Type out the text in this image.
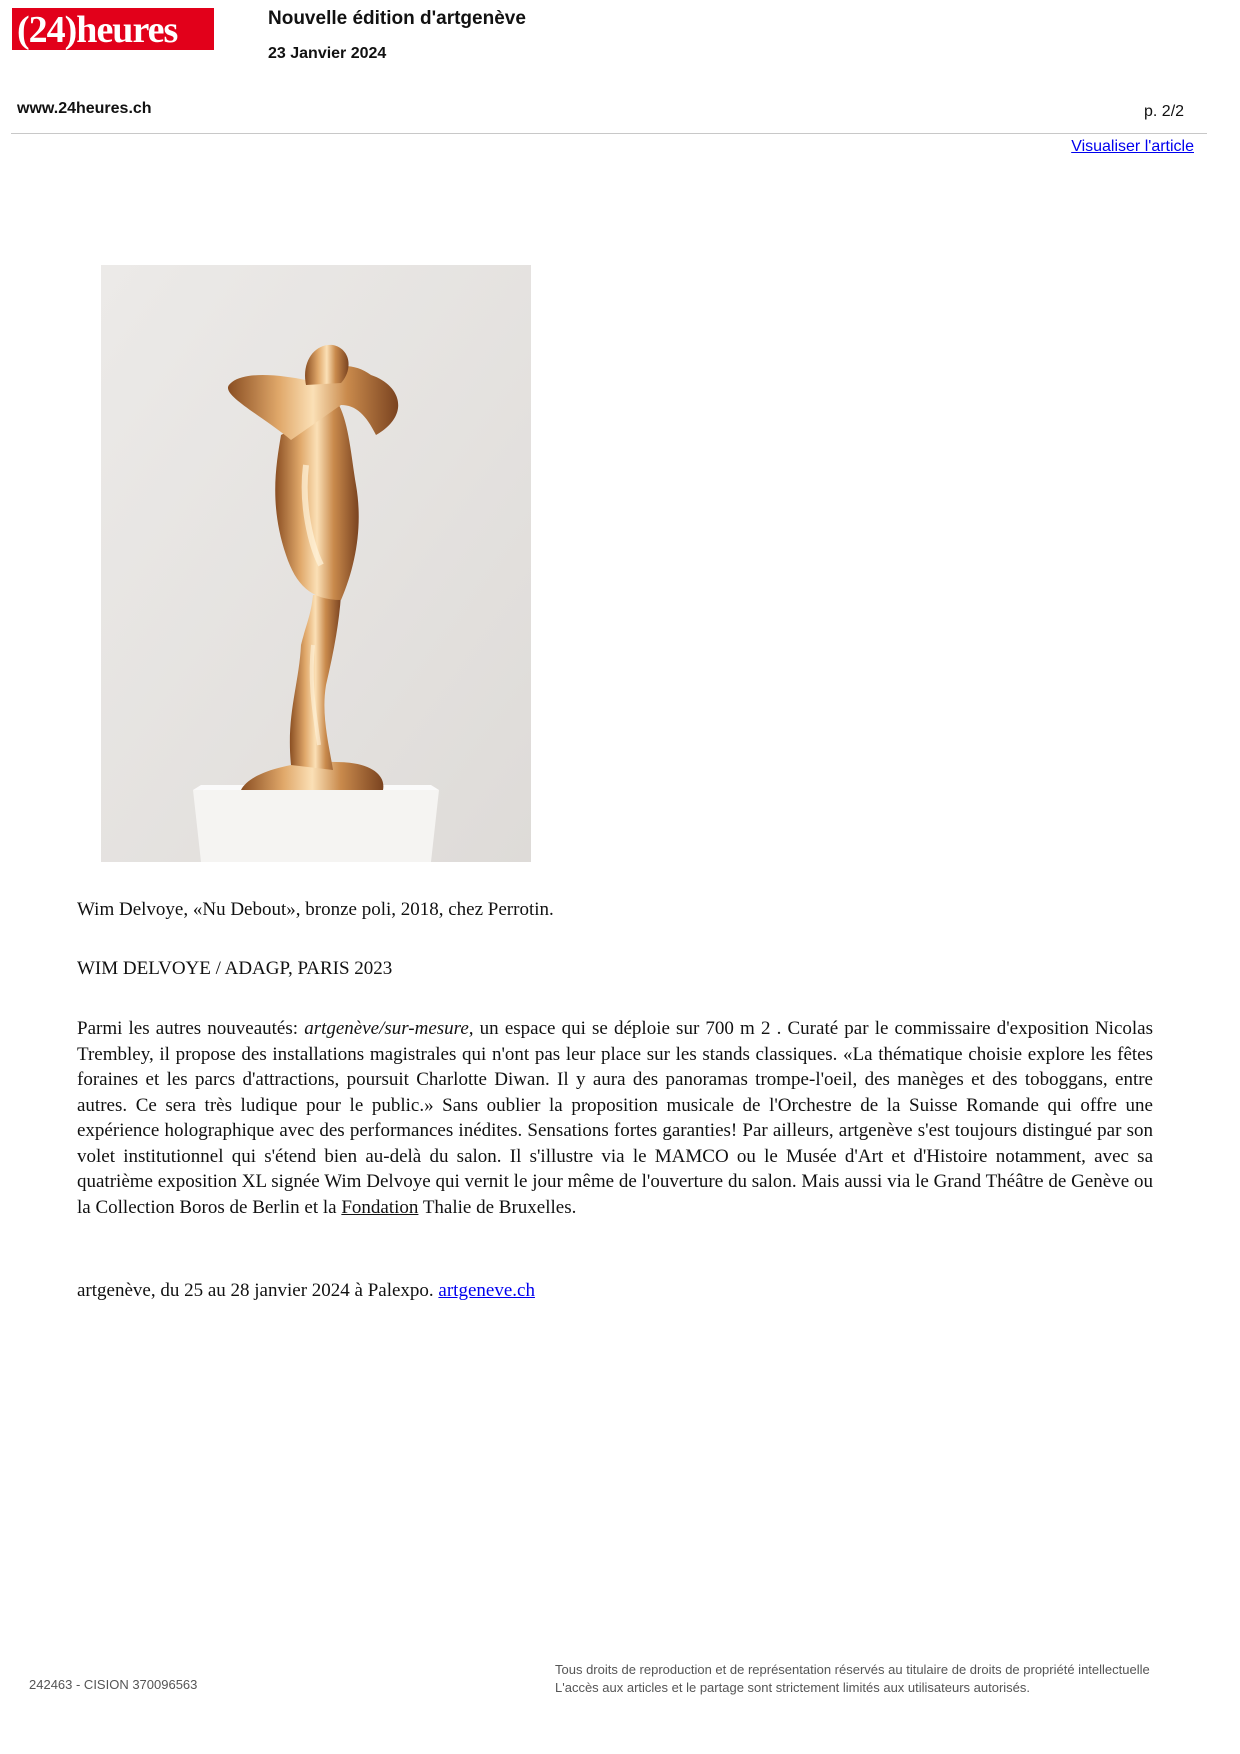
(24)heures	Nouvelle édition d'artgenève
23 Janvier 2024
www.24heures.ch	p. 2/2
Visualiser l'article
Wim Delvoye, «Nu Debout», bronze poli, 2018, chez Perrotin.
WIM DELVOYE / ADAGP, PARIS 2023
Parmi les autres nouveautés: artgenève/sur-mesure, un espace qui se déploie sur 700 m 2 . Curaté par le commissaire d'exposition Nicolas Trembley, il propose des installations magistrales qui n'ont pas leur place sur les stands classiques. «La thématique choisie explore les fêtes foraines et les parcs d'attractions, poursuit Charlotte Diwan. Il y aura des panoramas trompe-l'oeil, des manèges et des toboggans, entre autres. Ce sera très ludique pour le public.» Sans oublier la proposition musicale de l'Orchestre de la Suisse Romande qui offre une expérience holographique avec des performances inédites. Sensations fortes garanties! Par ailleurs, artgenève s'est toujours distingué par son volet institutionnel qui s'étend bien au-delà du salon. Il s'illustre via le MAMCO ou le Musée d'Art et d'Histoire notamment, avec sa quatrième exposition XL signée Wim Delvoye qui vernit le jour même de l'ouverture du salon. Mais aussi via le Grand Théâtre de Genève ou la Collection Boros de Berlin et la Fondation Thalie de Bruxelles.
artgenève, du 25 au 28 janvier 2024 à Palexpo. artgeneve.ch
242463 - CISION 370096563
Tous droits de reproduction et de représentation réservés au titulaire de droits de propriété intellectuelle
L'accès aux articles et le partage sont strictement limités aux utilisateurs autorisés.
